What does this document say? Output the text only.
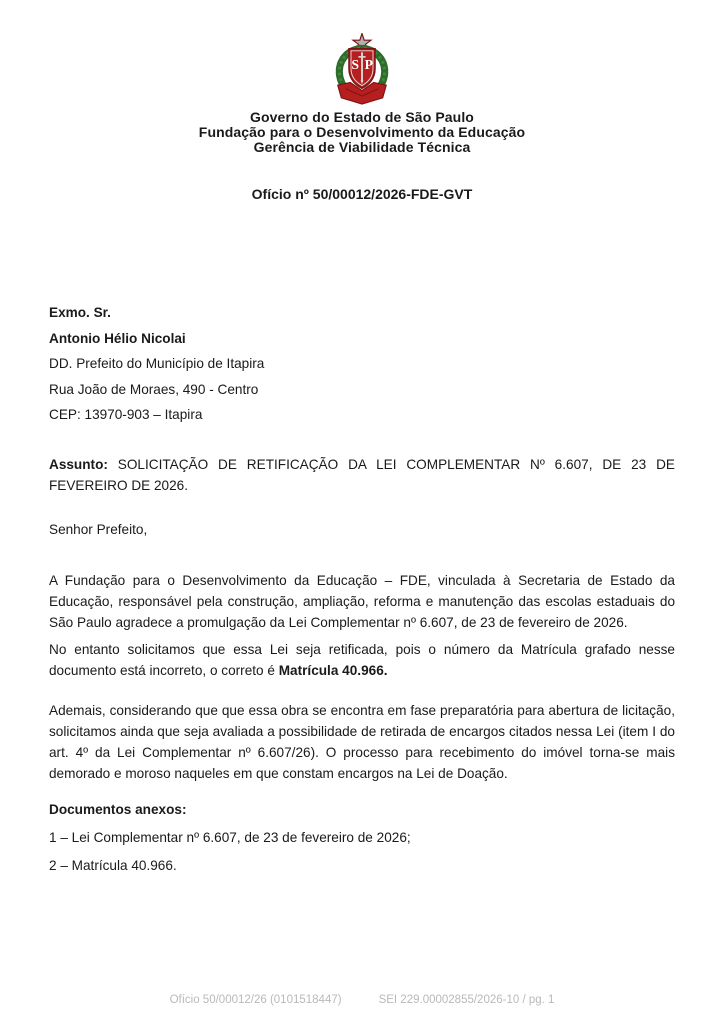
S P
Governo do Estado de São Paulo
Fundação para o Desenvolvimento da Educação
Gerência de Viabilidade Técnica
Ofício nº 50/00012/2026-FDE-GVT
Exmo. Sr.
Antonio Hélio Nicolai
DD. Prefeito do Município de Itapira
Rua João de Moraes, 490 - Centro
CEP: 13970-903 – Itapira
Assunto: SOLICITAÇÃO DE RETIFICAÇÃO DA LEI COMPLEMENTAR Nº 6.607, DE 23 DE FEVEREIRO DE 2026.
Senhor Prefeito,

A Fundação para o Desenvolvimento da Educação – FDE, vinculada à Secretaria de Estado da Educação, responsável pela construção, ampliação, reforma e manutenção das escolas estaduais do São Paulo agradece a promulgação da Lei Complementar nº 6.607, de 23 de fevereiro de 2026.

No entanto solicitamos que essa Lei seja retificada, pois o número da Matrícula grafado nesse documento está incorreto, o correto é Matrícula 40.966.

Ademais, considerando que que essa obra se encontra em fase preparatória para abertura de licitação, solicitamos ainda que seja avaliada a possibilidade de retirada de encargos citados nessa Lei (item I do art. 4º da Lei Complementar nº 6.607/26). O processo para recebimento do imóvel torna-se mais demorado e moroso naqueles em que constam encargos na Lei de Doação.

Documentos anexos:
1 – Lei Complementar nº 6.607, de 23 de fevereiro de 2026;
2 – Matrícula 40.966.
Ofício 50/00012/26 (0101518447)	SEI 229.00002855/2026-10 / pg. 1
